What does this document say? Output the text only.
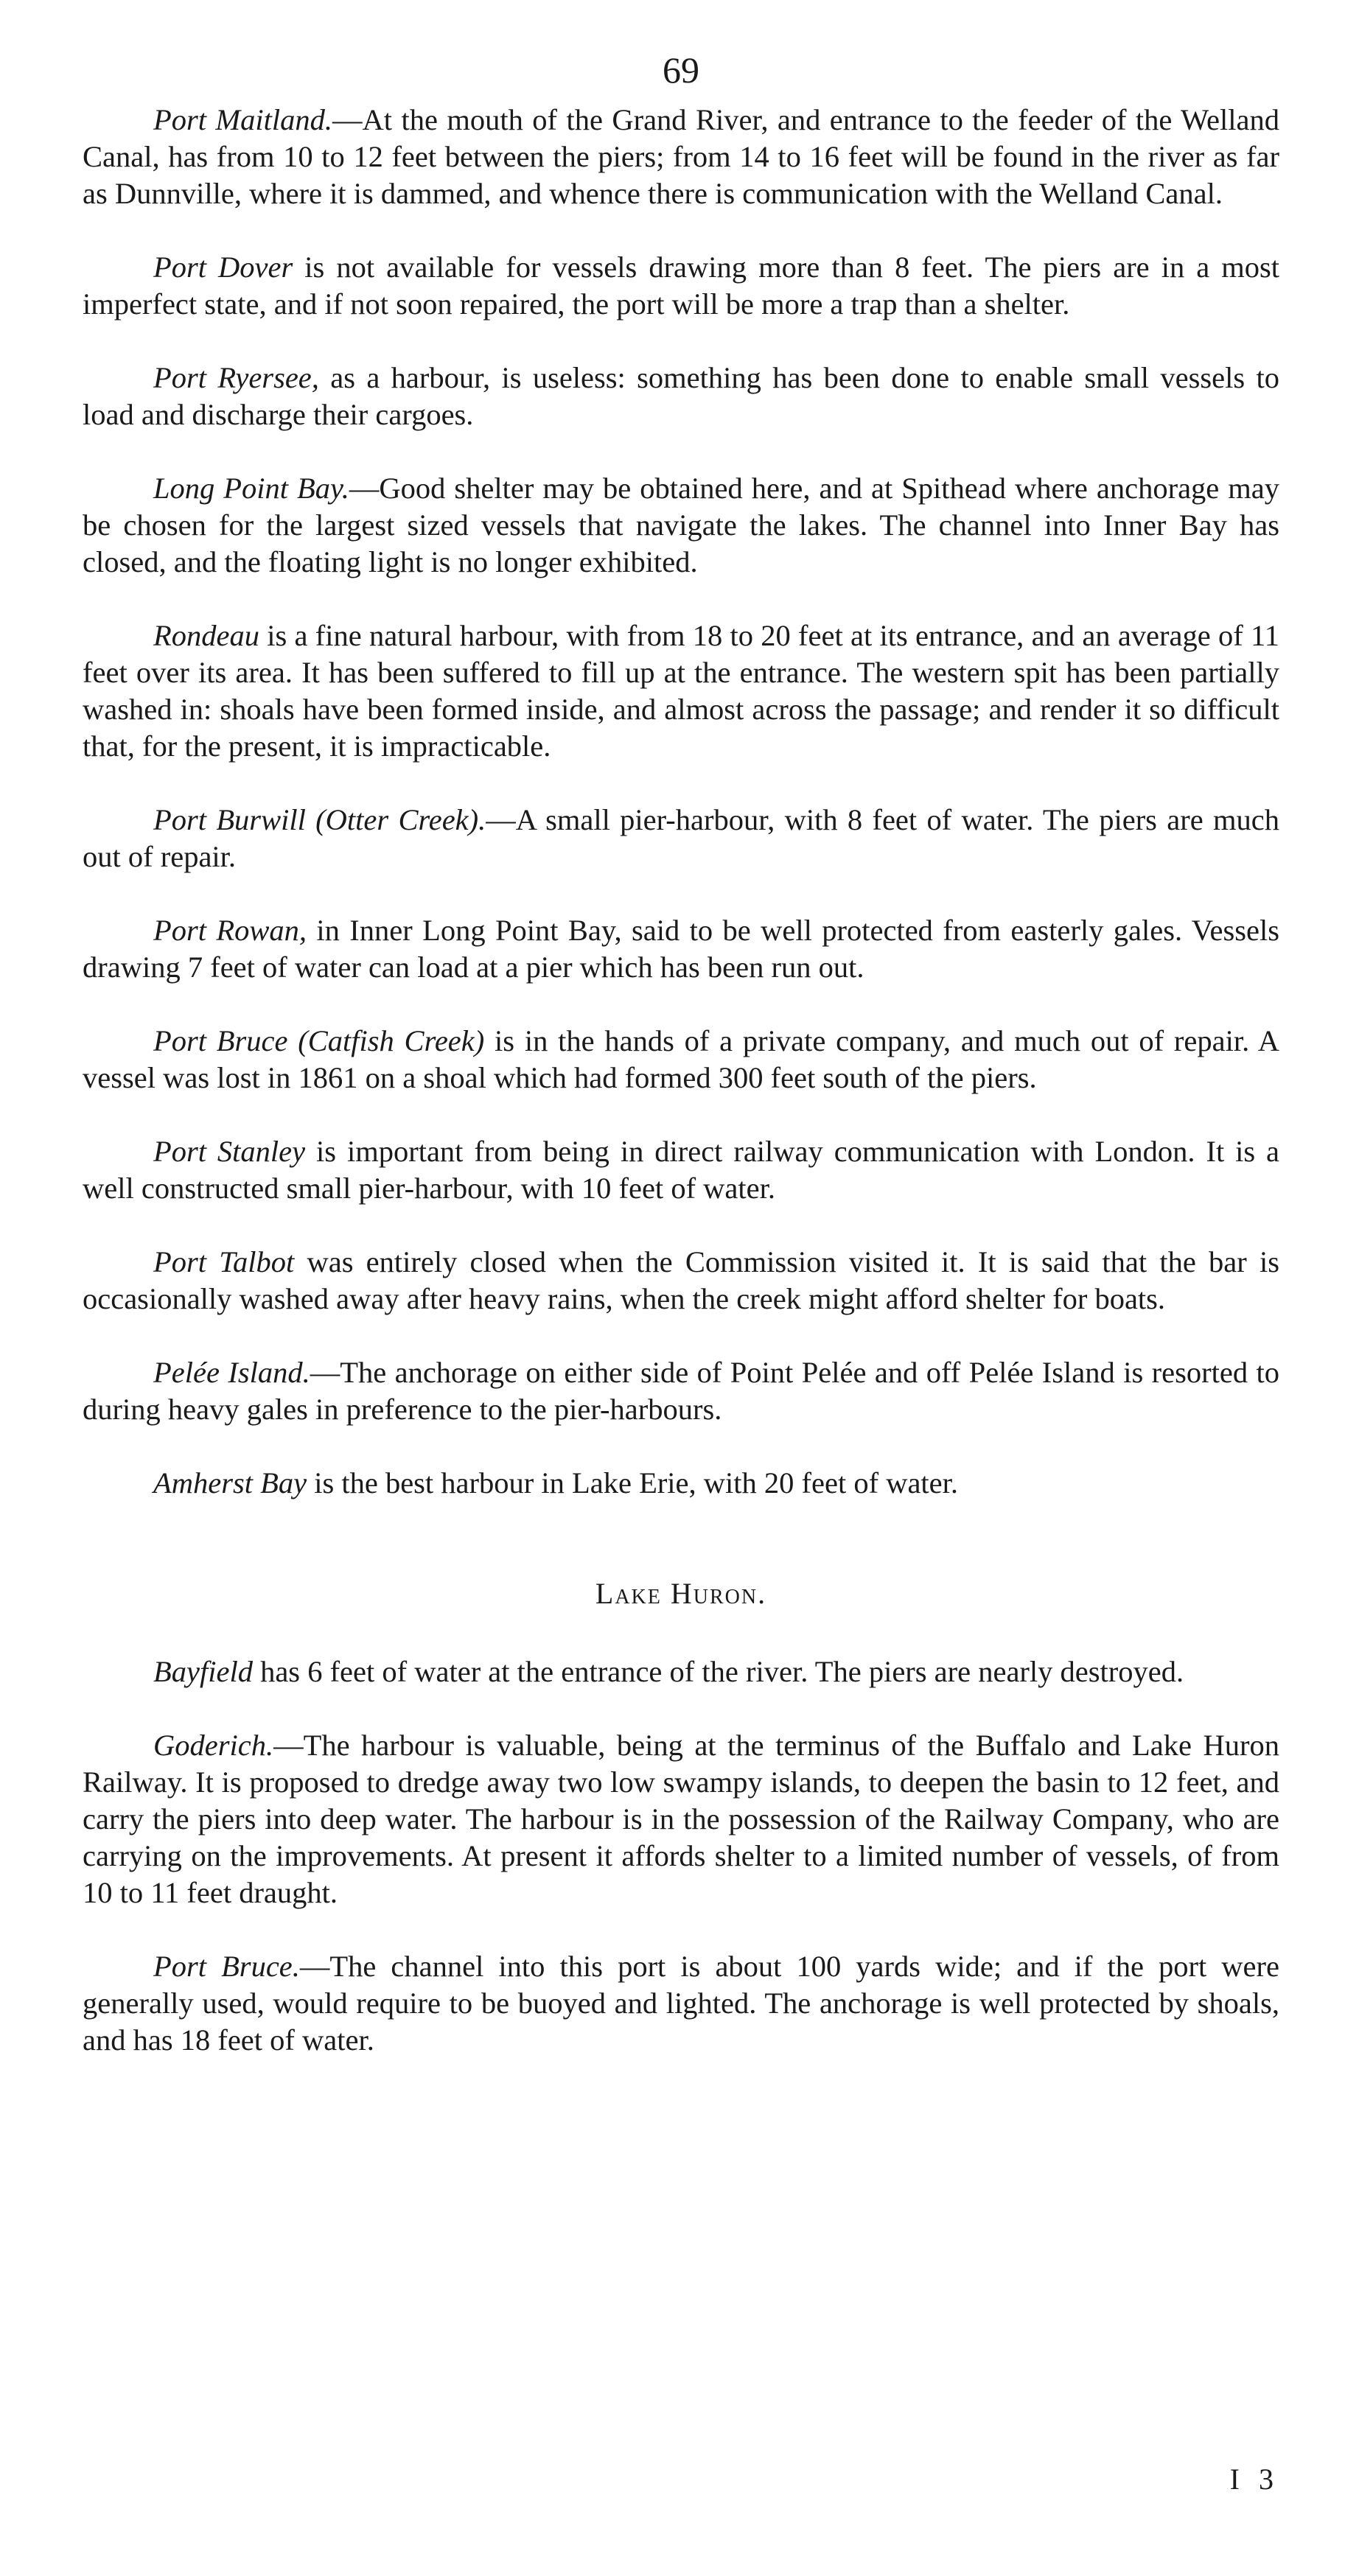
69

Port Maitland.—At the mouth of the Grand River, and entrance to the feeder of the Welland Canal, has from 10 to 12 feet between the piers; from 14 to 16 feet will be found in the river as far as Dunnville, where it is dammed, and whence there is communication with the Welland Canal.

Port Dover is not available for vessels drawing more than 8 feet. The piers are in a most imperfect state, and if not soon repaired, the port will be more a trap than a shelter.

Port Ryersee, as a harbour, is useless: something has been done to enable small vessels to load and discharge their cargoes.

Long Point Bay.—Good shelter may be obtained here, and at Spithead where anchorage may be chosen for the largest sized vessels that navigate the lakes. The channel into Inner Bay has closed, and the floating light is no longer exhibited.

Rondeau is a fine natural harbour, with from 18 to 20 feet at its entrance, and an average of 11 feet over its area. It has been suffered to fill up at the entrance. The western spit has been partially washed in: shoals have been formed inside, and almost across the passage; and render it so difficult that, for the present, it is impracticable.

Port Burwill (Otter Creek).—A small pier-harbour, with 8 feet of water. The piers are much out of repair.

Port Rowan, in Inner Long Point Bay, said to be well protected from easterly gales. Vessels drawing 7 feet of water can load at a pier which has been run out.

Port Bruce (Catfish Creek) is in the hands of a private company, and much out of repair. A vessel was lost in 1861 on a shoal which had formed 300 feet south of the piers.

Port Stanley is important from being in direct railway communication with London. It is a well constructed small pier-harbour, with 10 feet of water.

Port Talbot was entirely closed when the Commission visited it. It is said that the bar is occasionally washed away after heavy rains, when the creek might afford shelter for boats.

Pelée Island.—The anchorage on either side of Point Pelée and off Pelée Island is resorted to during heavy gales in preference to the pier-harbours.

Amherst Bay is the best harbour in Lake Erie, with 20 feet of water.

Lake Huron.

Bayfield has 6 feet of water at the entrance of the river. The piers are nearly destroyed.

Goderich.—The harbour is valuable, being at the terminus of the Buffalo and Lake Huron Railway. It is proposed to dredge away two low swampy islands, to deepen the basin to 12 feet, and carry the piers into deep water. The harbour is in the possession of the Railway Company, who are carrying on the improvements. At present it affords shelter to a limited number of vessels, of from 10 to 11 feet draught.

Port Bruce.—The channel into this port is about 100 yards wide; and if the port were generally used, would require to be buoyed and lighted. The anchorage is well protected by shoals, and has 18 feet of water.

I 3
